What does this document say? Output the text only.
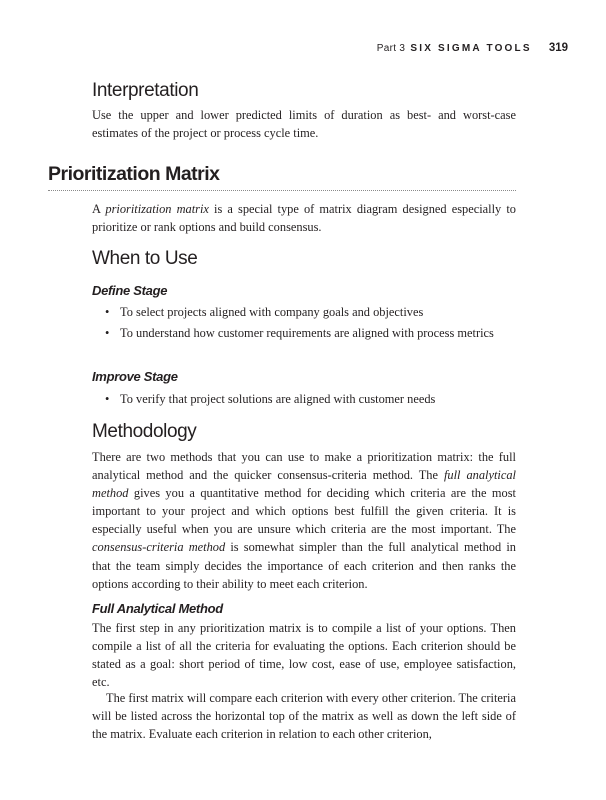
Part 3 SIX SIGMA TOOLS 319
Interpretation

Use the upper and lower predicted limits of duration as best- and worst-case estimates of the project or process cycle time.

When to Use
Define Stage
• To select projects aligned with company goals and objectives
• To understand how customer requirements are aligned with process metrics
Improve Stage
• To verify that project solutions are aligned with customer needs
Methodology

There are two methods that you can use to make a prioritization matrix: the full analytical method and the quicker consensus-criteria method. The full analytical method gives you a quantitative method for deciding which criteria are the most important to your project and which options best fulfill the given criteria. It is especially useful when you are unsure which criteria are the most important. The consensus-criteria method is somewhat simpler than the full analytical method in that the team simply decides the importance of each criterion and then ranks the options according to their ability to meet each criterion.

Full Analytical Method

The first step in any prioritization matrix is to compile a list of your options. Then compile a list of all the criteria for evaluating the options. Each criterion should be stated as a goal: short period of time, low cost, ease of use, employee satisfaction, etc.

The first matrix will compare each criterion with every other criterion. The criteria will be listed across the horizontal top of the matrix as well as down the left side of the matrix. Evaluate each criterion in relation to each other criterion,

Prioritization Matrix

A prioritization matrix is a special type of matrix diagram designed especially to prioritize or rank options and build consensus.
